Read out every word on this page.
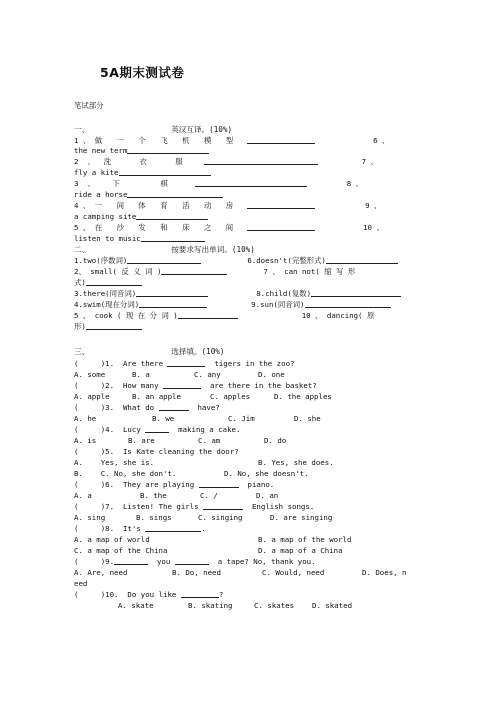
5A期末测试卷
笔试部分
一、	英汉互译。(10%)
1 、 做 一 个 飞 机 模 型	6 、
the new term
2  、  洗 衣 服	7 、
fly a kite
3  、    下 棋	8 、
ride a horse
4 、 一 间 体 育 活 动 房	9 、
a camping site
5 、 在 沙 发 和 床 之 间	10 、
listen to music
二、	按要求写出单词。(10%)
1.two(序数词)	6.doesn't(完整形式)
2、 small( 反 义 词 )	7 、 can not( 缩 写 形
式)
3.there(同音词)	8.child(复数)
4.swim(现在分词)	9.sun(同音词)
5 、 cook ( 现 在 分 词 )	10 、 dancing( 原
形)
三、	选择填。(10%)
(     )1. Are there	tigers in the zoo?
A. some	B. a	C. any	D. one
(     )2. How many	are there in the basket?
A. apple	B. an apple	C. apples	D. the apples
(     )3. What do	have?
A. he	B. we	C. Jim	D. she
(     )4. Lucy	making a cake.
A. is	B. are	C. am	D. do
(     )5. Is Kate cleaning the door?
A.    Yes, she is.	B. Yes, she does.
B.    C. No, she don't.	D. No, she doesn't.
(     )6. They are playing	piano.
A. a	B. the	C. /	D. an
(     )7. Listen! The girls	English songs.
A. sing	B. sings	C. singing	D. are singing
(     )8. It's	.
A. a map of world	B. a map of the world
C. a map of the China	D. a map of a China
(     )9.	you	a tape? No, thank you.
A. Are, need	B. Do, need	C. Would, need	D. Does, n
eed
(     )10. Do you like	?
A. skate	B. skating	C. skates D. skated
